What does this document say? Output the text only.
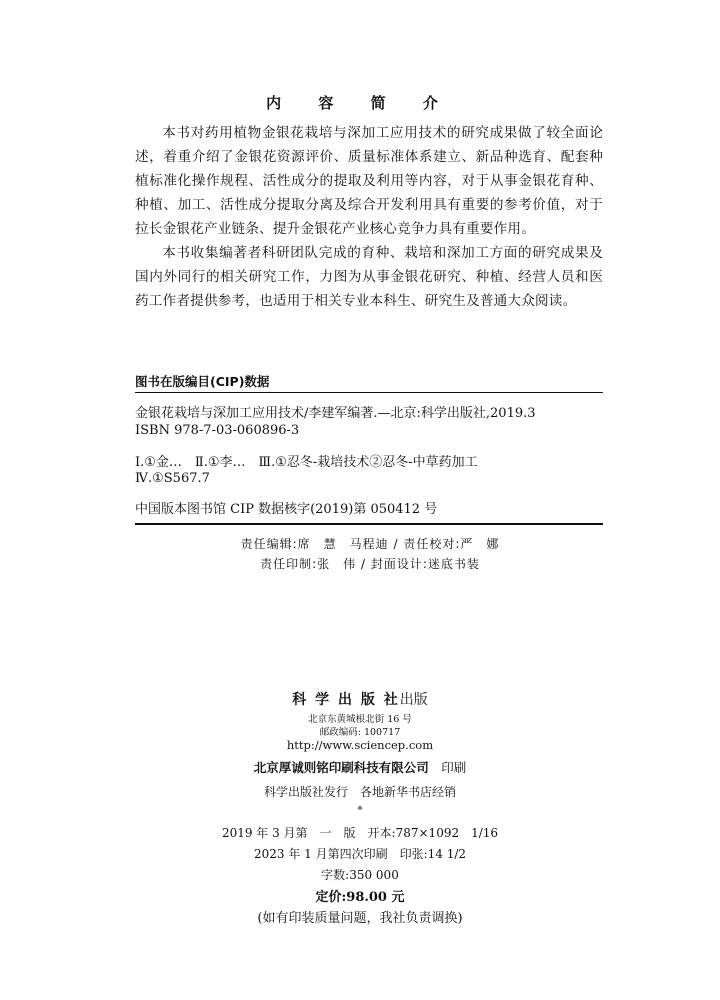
内 容 简 介

本书对药用植物金银花栽培与深加工应用技术的研究成果做了较全面论述，着重介绍了金银花资源评价、质量标准体系建立、新品种选育、配套种植标准化操作规程、活性成分的提取及利用等内容，对于从事金银花育种、种植、加工、活性成分提取分离及综合开发利用具有重要的参考价值，对于拉长金银花产业链条、提升金银花产业核心竞争力具有重要作用。

本书收集编著者科研团队完成的育种、栽培和深加工方面的研究成果及国内外同行的相关研究工作，力图为从事金银花研究、种植、经营人员和医药工作者提供参考，也适用于相关专业本科生、研究生及普通大众阅读。

图书在版编目(CIP)数据
金银花栽培与深加工应用技术/李建军编著.—北京:科学出版社,2019.3
ISBN 978-7-03-060896-3
Ⅰ.①金…　Ⅱ.①李…　Ⅲ.①忍冬-栽培技术②忍冬-中草药加工
Ⅳ.①S567.7
中国版本图书馆 CIP 数据核字(2019)第 050412 号
责任编辑:席　慧　马程迪 / 责任校对:严　娜
责任印制:张　伟 / 封面设计:迷底书装
科 学 出 版 社出版
北京东黄城根北街 16 号
邮政编码: 100717
http://www.sciencep.com
北京厚诚则铭印刷科技有限公司　 印刷
科学出版社发行　各地新华书店经销
*
2019 年 3 月第　一　版　开本:787×1092　1/16
2023 年 1 月第四次印刷　印张:14 1/2
字数:350 000
定价:98.00 元
(如有印装质量问题，我社负责调换)
